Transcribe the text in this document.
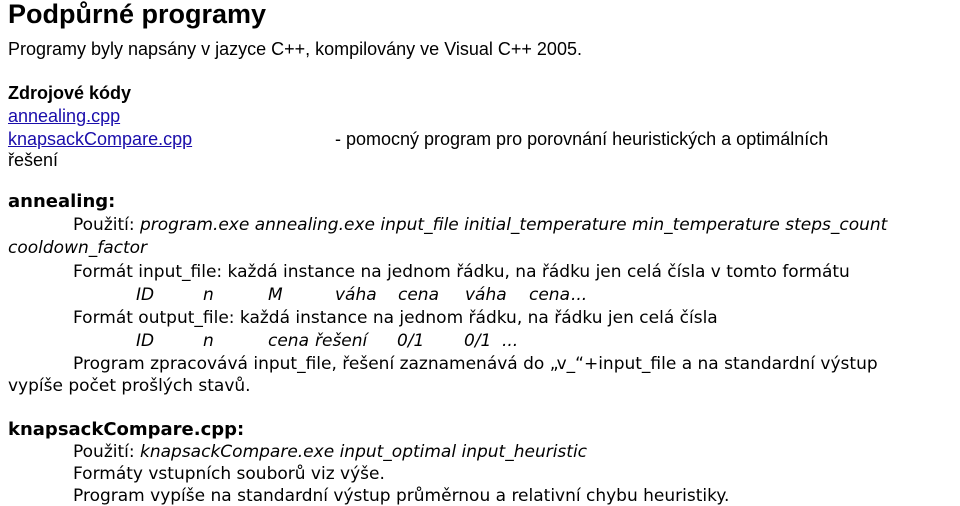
Podpůrné programy
Programy byly napsány v jazyce C++, kompilovány ve Visual C++ 2005.
Zdrojové kódy
annealing.cpp
knapsackCompare.cpp	- pomocný program pro porovnání heuristických a optimálních
řešení
annealing:
Použití: program.exe annealing.exe input_file initial_temperature min_temperature steps_count
cooldown_factor
Formát input_file: každá instance na jednom řádku, na řádku jen celá čísla v tomto formátu
ID	n	M	váha cena váha cena...
Formát output_file: každá instance na jednom řádku, na řádku jen celá čísla
ID	n	cena řešení 0/1 0/1 ...
Program zpracovává input_file, řešení zaznamenává do „v_“+input_file a na standardní výstup
vypíše počet prošlých stavů.
knapsackCompare.cpp:
Použití: knapsackCompare.exe input_optimal input_heuristic
Formáty vstupních souborů viz výše.
Program vypíše na standardní výstup průměrnou a relativní chybu heuristiky.
